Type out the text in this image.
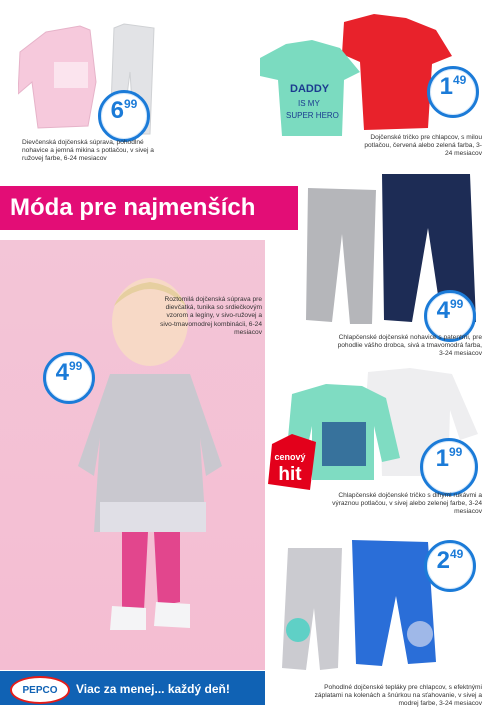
6 99
Dievčenská dojčenská súprava, pohodlné nohavice a jemná mikina s potlačou, v sivej a ružovej farbe, 6-24 mesiacov
DADDY
IS MY
SUPER HERO
1 49
Dojčenské tričko pre chlapcov, s milou potlačou, červená alebo zelená farba, 3-24 mesiacov
Móda pre najmenších
Roztomilá dojčenská súprava pre dievčatká, tunika so srdiečkovým vzorom a legíny, v sivo-ružovej a sivo-tmavomodrej kombinácii, 6-24 mesiacov
4 99
4 99
Chlapčenské dojčenské nohavice s patentmi, pre pohodlie vášho drobca, sivá a tmavomodrá farba, 3-24 mesiacov
cenový
hit
1 99
Chlapčenské dojčenské tričko s dlhými rukávmi a výraznou potlačou, v sivej alebo zelenej farbe, 3-24 mesiacov
2 49
Pohodlné dojčenské tepláky pre chlapcov, s efektnými záplatami na kolenách a šnúrkou na sťahovanie, v sivej a modrej farbe, 3-24 mesiacov
PEPCO	Viac za menej... každý deň!
